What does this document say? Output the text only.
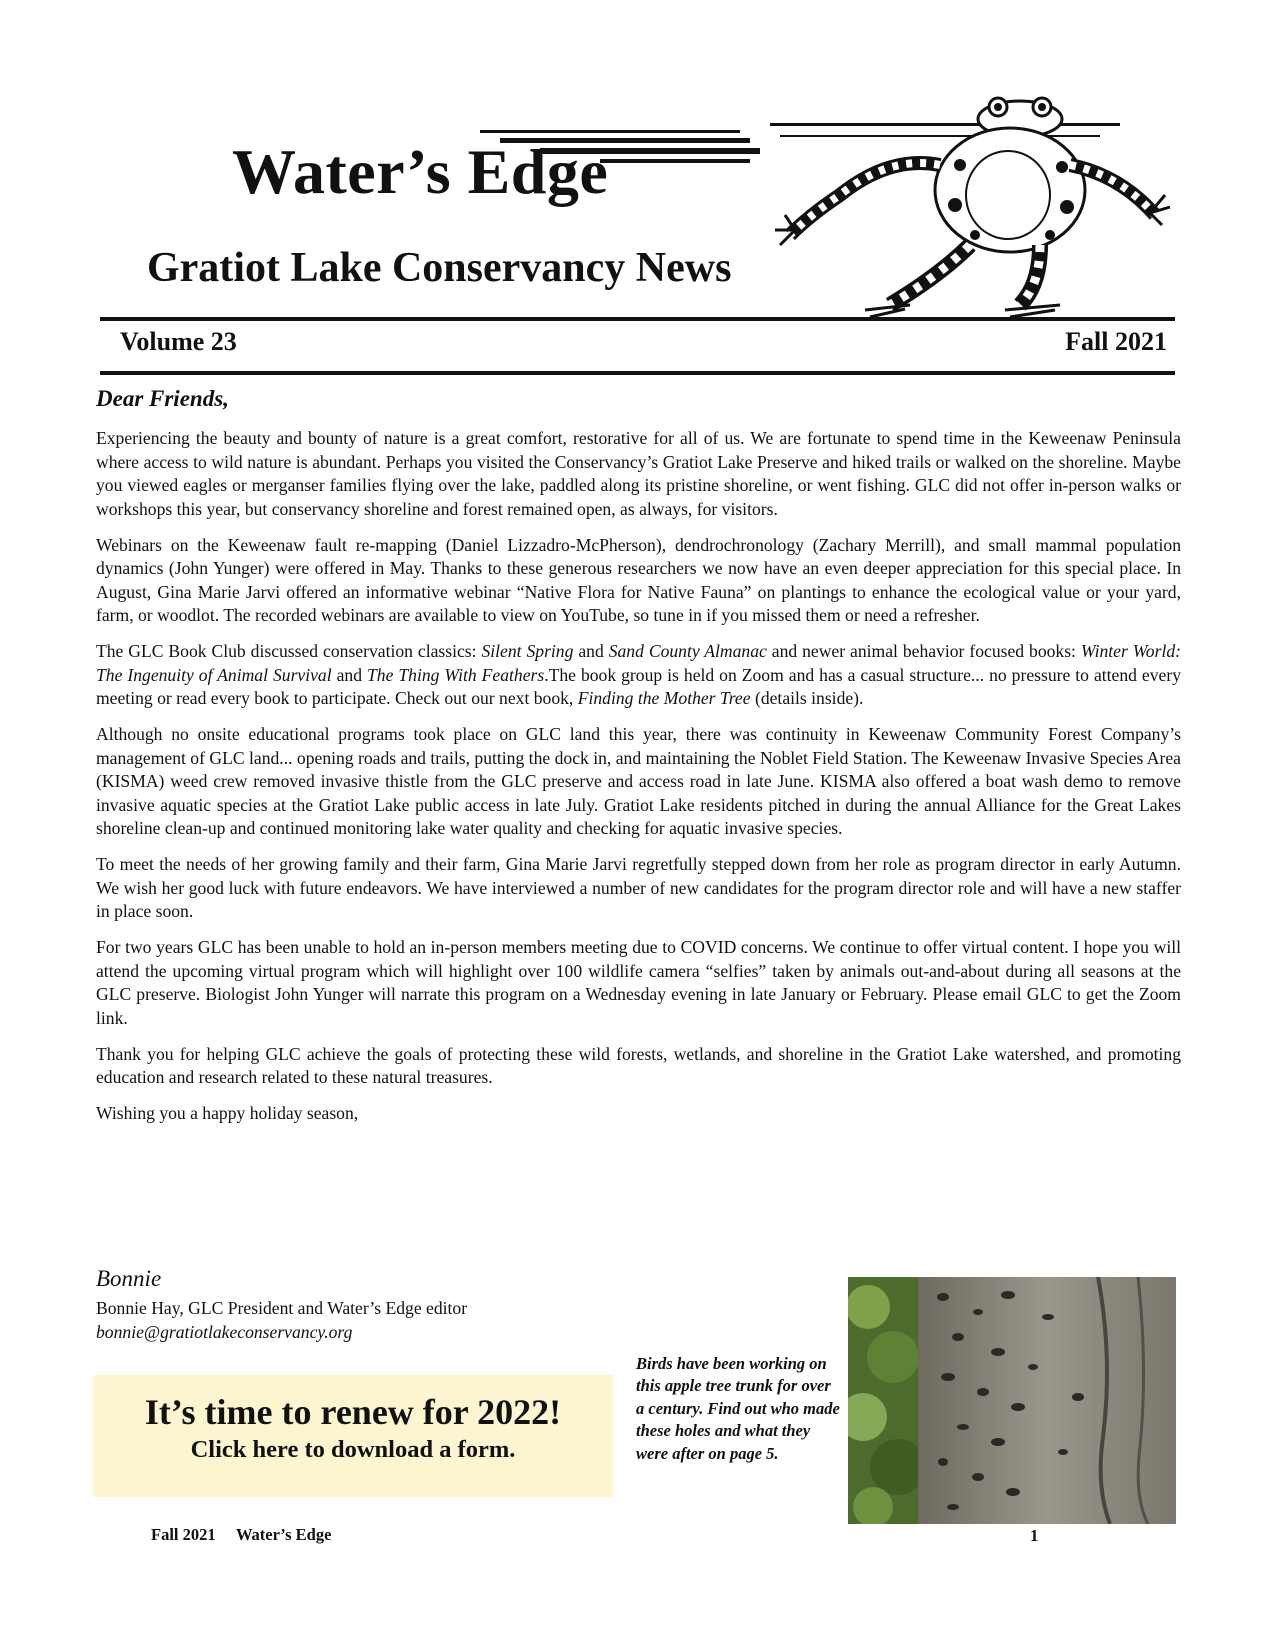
Water’s Edge
Gratiot Lake Conservancy News
Volume 23	Fall 2021
Dear Friends,

Experiencing the beauty and bounty of nature is a great comfort, restorative for all of us. We are fortunate to spend time in the Keweenaw Peninsula where access to wild nature is abundant. Perhaps you visited the Conservancy’s Gratiot Lake Preserve and hiked trails or walked on the shoreline. Maybe you viewed eagles or merganser families flying over the lake, paddled along its pristine shoreline, or went fishing. GLC did not offer in-person walks or workshops this year, but conservancy shoreline and forest remained open, as always, for visitors.

Webinars on the Keweenaw fault re-mapping (Daniel Lizzadro-McPherson), dendrochronology (Zachary Merrill), and small mammal population dynamics (John Yunger) were offered in May. Thanks to these generous researchers we now have an even deeper appreciation for this special place. In August, Gina Marie Jarvi offered an informative webinar “Native Flora for Native Fauna” on plantings to enhance the ecological value or your yard, farm, or woodlot. The recorded webinars are available to view on YouTube, so tune in if you missed them or need a refresher.

The GLC Book Club discussed conservation classics: Silent Spring and Sand County Almanac and newer animal behavior focused books: Winter World: The Ingenuity of Animal Survival and The Thing With Feathers.The book group is held on Zoom and has a casual structure... no pressure to attend every meeting or read every book to participate. Check out our next book, Finding the Mother Tree (details inside).

Although no onsite educational programs took place on GLC land this year, there was continuity in Keweenaw Community Forest Company’s management of GLC land... opening roads and trails, putting the dock in, and maintaining the Noblet Field Station. The Keweenaw Invasive Species Area (KISMA) weed crew removed invasive thistle from the GLC preserve and access road in late June. KISMA also offered a boat wash demo to remove invasive aquatic species at the Gratiot Lake public access in late July. Gratiot Lake residents pitched in during the annual Alliance for the Great Lakes shoreline clean-up and continued monitoring lake water quality and checking for aquatic invasive species.

To meet the needs of her growing family and their farm, Gina Marie Jarvi regretfully stepped down from her role as program director in early Autumn. We wish her good luck with future endeavors. We have interviewed a number of new candidates for the program director role and will have a new staffer in place soon.

For two years GLC has been unable to hold an in-person members meeting due to COVID concerns. We continue to offer virtual content. I hope you will attend the upcoming virtual program which will highlight over 100 wildlife camera “selfies” taken by animals out-and-about during all seasons at the GLC preserve. Biologist John Yunger will narrate this program on a Wednesday evening in late January or February. Please email GLC to get the Zoom link.

Thank you for helping GLC achieve the goals of protecting these wild forests, wetlands, and shoreline in the Gratiot Lake watershed, and promoting education and research related to these natural treasures.

Wishing you a happy holiday season,

Bonnie
Bonnie Hay, GLC President and Water’s Edge editor
bonnie@gratiotlakeconservancy.org
It’s time to renew for 2022!
Click here to download a form.
Birds have been working on this apple tree trunk for over a century. Find out who made these holes and what they were after on page 5.
Fall 2021     Water’s Edge	1
